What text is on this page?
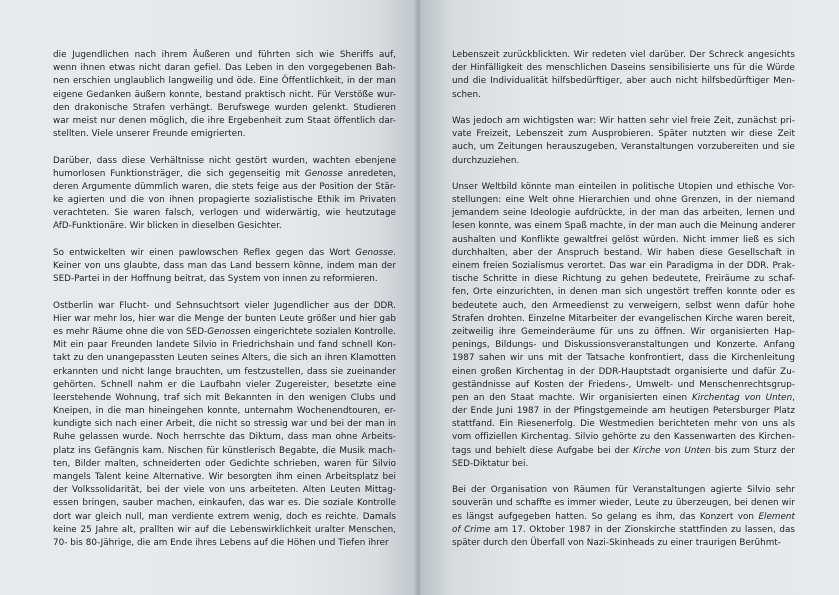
die Jugendlichen nach ihrem Äußeren und führten sich wie Sheriffs auf,
wenn ihnen etwas nicht daran gefiel. Das Leben in den vorgegebenen Bah-
nen erschien unglaublich langweilig und öde. Eine Öffentlichkeit, in der man
eigene Gedanken äußern konnte, bestand praktisch nicht. Für Verstöße wur-
den drakonische Strafen verhängt. Berufswege wurden gelenkt. Studieren
war meist nur denen möglich, die ihre Ergebenheit zum Staat öffentlich dar-
stellten. Viele unserer Freunde emigrierten.
Darüber, dass diese Verhältnisse nicht gestört wurden, wachten ebenjene
humorlosen Funktionsträger, die sich gegenseitig mit Genosse anredeten,
deren Argumente dümmlich waren, die stets feige aus der Position der Stär-
ke agierten und die von ihnen propagierte sozialistische Ethik im Privaten
verachteten. Sie waren falsch, verlogen und widerwärtig, wie heutzutage
AfD-Funktionäre. Wir blicken in dieselben Gesichter.
So entwickelten wir einen pawlowschen Reflex gegen das Wort Genosse.
Keiner von uns glaubte, dass man das Land bessern könne, indem man der
SED-Partei in der Hoffnung beitrat, das System von innen zu reformieren.
Ostberlin war Flucht- und Sehnsuchtsort vieler Jugendlicher aus der DDR.
Hier war mehr los, hier war die Menge der bunten Leute größer und hier gab
es mehr Räume ohne die von SED-Genossen eingerichtete sozialen Kontrolle.
Mit ein paar Freunden landete Silvio in Friedrichshain und fand schnell Kon-
takt zu den unangepassten Leuten seines Alters, die sich an ihren Klamotten
erkannten und nicht lange brauchten, um festzustellen, dass sie zueinander
gehörten. Schnell nahm er die Laufbahn vieler Zugereister, besetzte eine
leerstehende Wohnung, traf sich mit Bekannten in den wenigen Clubs und
Kneipen, in die man hineingehen konnte, unternahm Wochenendtouren, er-
kundigte sich nach einer Arbeit, die nicht so stressig war und bei der man in
Ruhe gelassen wurde. Noch herrschte das Diktum, dass man ohne Arbeits-
platz ins Gefängnis kam. Nischen für künstlerisch Begabte, die Musik mach-
ten, Bilder malten, schneiderten oder Gedichte schrieben, waren für Silvio
mangels Talent keine Alternative. Wir besorgten ihm einen Arbeitsplatz bei
der Volkssolidarität, bei der viele von uns arbeiteten. Alten Leuten Mittag-
essen bringen, sauber machen, einkaufen, das war es. Die soziale Kontrolle
dort war gleich null, man verdiente extrem wenig, doch es reichte. Damals
keine 25 Jahre alt, prallten wir auf die Lebenswirklichkeit uralter Menschen,
70- bis 80-Jährige, die am Ende ihres Lebens auf die Höhen und Tiefen ihrer
Lebenszeit zurückblickten. Wir redeten viel darüber. Der Schreck angesichts
der Hinfälligkeit des menschlichen Daseins sensibilisierte uns für die Würde
und die Individualität hilfsbedürftiger, aber auch nicht hilfsbedürftiger Men-
schen.
Was jedoch am wichtigsten war: Wir hatten sehr viel freie Zeit, zunächst pri-
vate Freizeit, Lebenszeit zum Ausprobieren. Später nutzten wir diese Zeit
auch, um Zeitungen herauszugeben, Veranstaltungen vorzubereiten und sie
durchzuziehen.
Unser Weltbild könnte man einteilen in politische Utopien und ethische Vor-
stellungen: eine Welt ohne Hierarchien und ohne Grenzen, in der niemand
jemandem seine Ideologie aufdrückte, in der man das arbeiten, lernen und
lesen konnte, was einem Spaß machte, in der man auch die Meinung anderer
aushalten und Konflikte gewaltfrei gelöst würden. Nicht immer ließ es sich
durchhalten, aber der Anspruch bestand. Wir haben diese Gesellschaft in
einem freien Sozialismus verortet. Das war ein Paradigma in der DDR. Prak-
tische Schritte in diese Richtung zu gehen bedeutete, Freiräume zu schaf-
fen, Orte einzurichten, in denen man sich ungestört treffen konnte oder es
bedeutete auch, den Armeedienst zu verweigern, selbst wenn dafür hohe
Strafen drohten. Einzelne Mitarbeiter der evangelischen Kirche waren bereit,
zeitweilig ihre Gemeinderäume für uns zu öffnen. Wir organisierten Hap-
penings, Bildungs- und Diskussionsveranstaltungen und Konzerte. Anfang
1987 sahen wir uns mit der Tatsache konfrontiert, dass die Kirchenleitung
einen großen Kirchentag in der DDR-Hauptstadt organisierte und dafür Zu-
geständnisse auf Kosten der Friedens-, Umwelt- und Menschenrechtsgrup-
pen an den Staat machte. Wir organisierten einen Kirchentag von Unten,
der Ende Juni 1987 in der Pfingstgemeinde am heutigen Petersburger Platz
stattfand. Ein Riesenerfolg. Die Westmedien berichteten mehr von uns als
vom offiziellen Kirchentag. Silvio gehörte zu den Kassenwarten des Kirchen-
tags und behielt diese Aufgabe bei der Kirche von Unten bis zum Sturz der
SED-Diktatur bei.
Bei der Organisation von Räumen für Veranstaltungen agierte Silvio sehr
souverän und schaffte es immer wieder, Leute zu überzeugen, bei denen wir
es längst aufgegeben hatten. So gelang es ihm, das Konzert von Element
of Crime am 17. Oktober 1987 in der Zionskirche stattfinden zu lassen, das
später durch den Überfall von Nazi-Skinheads zu einer traurigen Berühmt-
